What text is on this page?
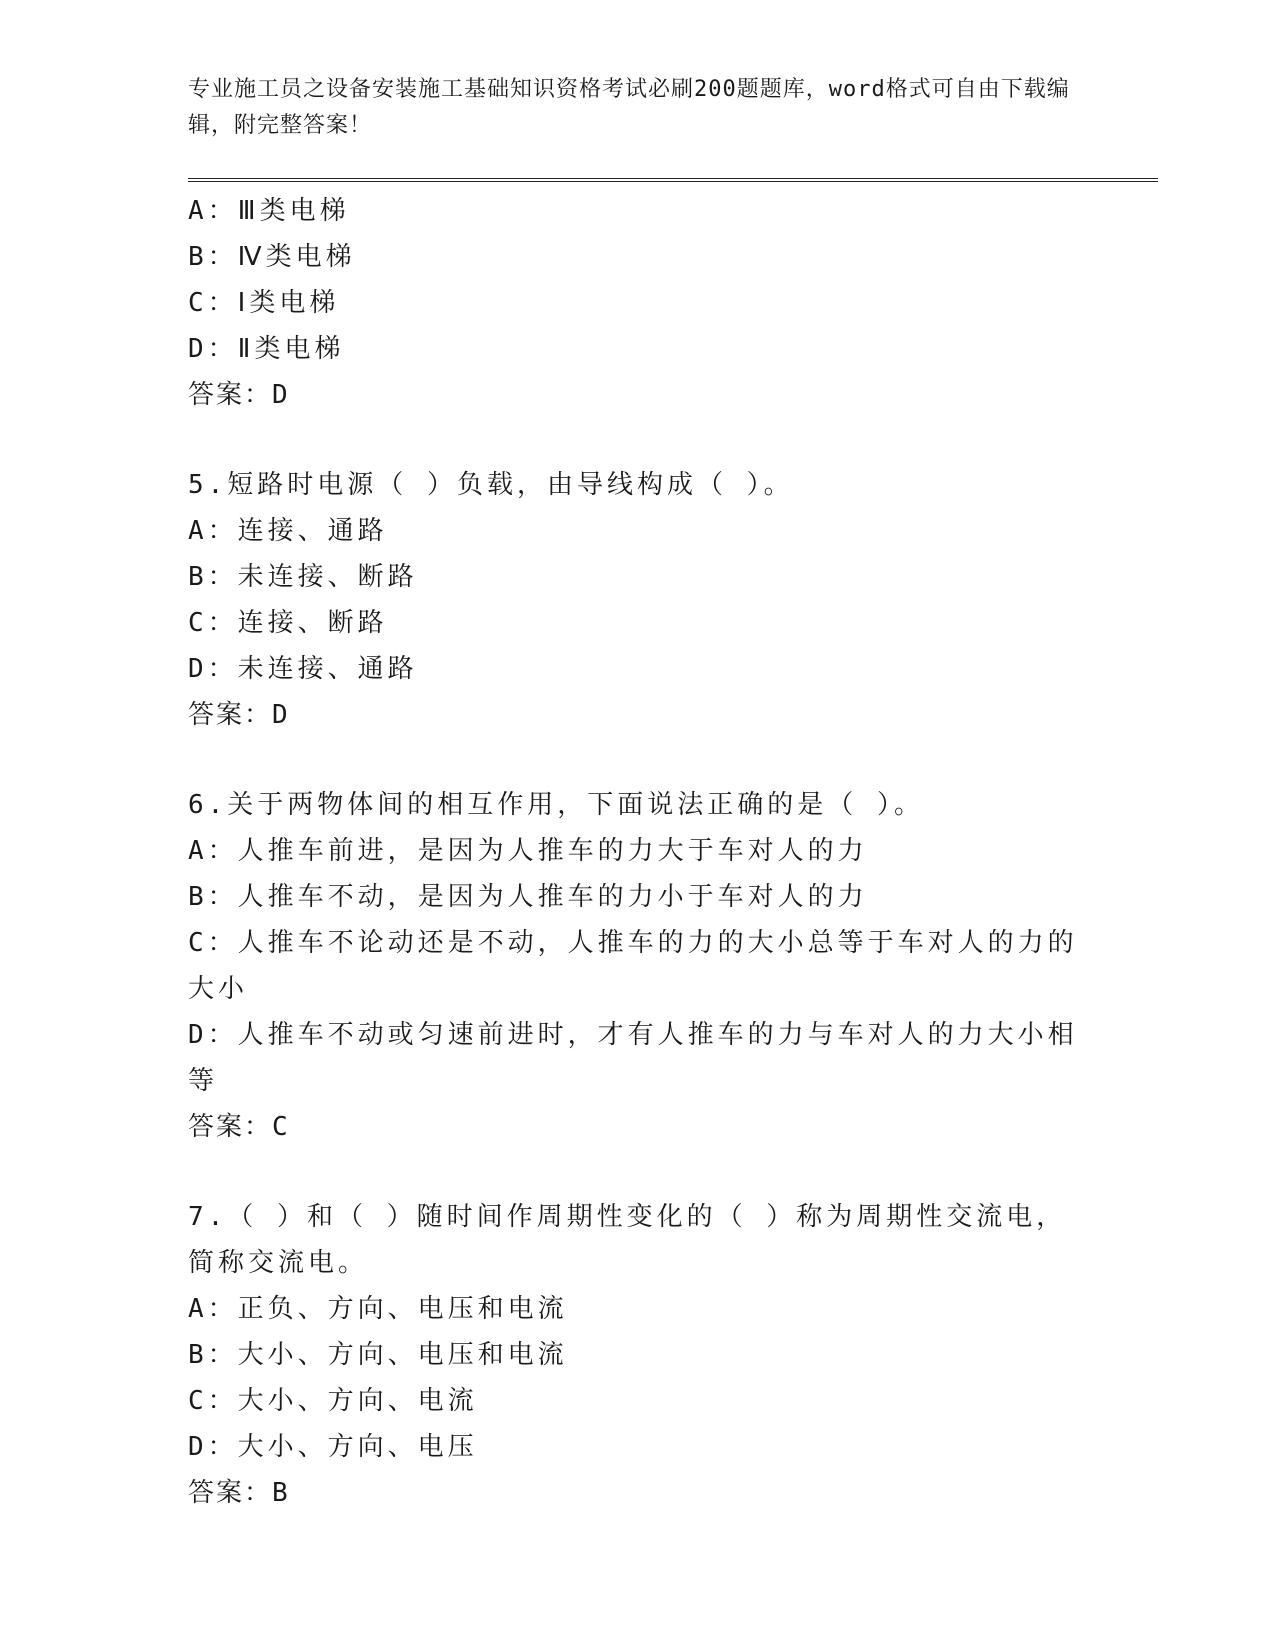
专业施工员之设备安装施工基础知识资格考试必刷200题题库，word格式可自由下载编辑，附完整答案！

A：Ⅲ类电梯

B：Ⅳ类电梯

C：Ⅰ类电梯

D：Ⅱ类电梯

答案：D

5.短路时电源（ ）负载，由导线构成（ ）。

A：连接、通路

B：未连接、断路

C：连接、断路

D：未连接、通路

答案：D

6.关于两物体间的相互作用，下面说法正确的是（ ）。

A：人推车前进，是因为人推车的力大于车对人的力

B：人推车不动，是因为人推车的力小于车对人的力

C：人推车不论动还是不动，人推车的力的大小总等于车对人的力的大小

D：人推车不动或匀速前进时，才有人推车的力与车对人的力大小相等

答案：C

7.（ ）和（ ）随时间作周期性变化的（ ）称为周期性交流电，简称交流电。

A：正负、方向、电压和电流

B：大小、方向、电压和电流

C：大小、方向、电流

D：大小、方向、电压

答案：B
